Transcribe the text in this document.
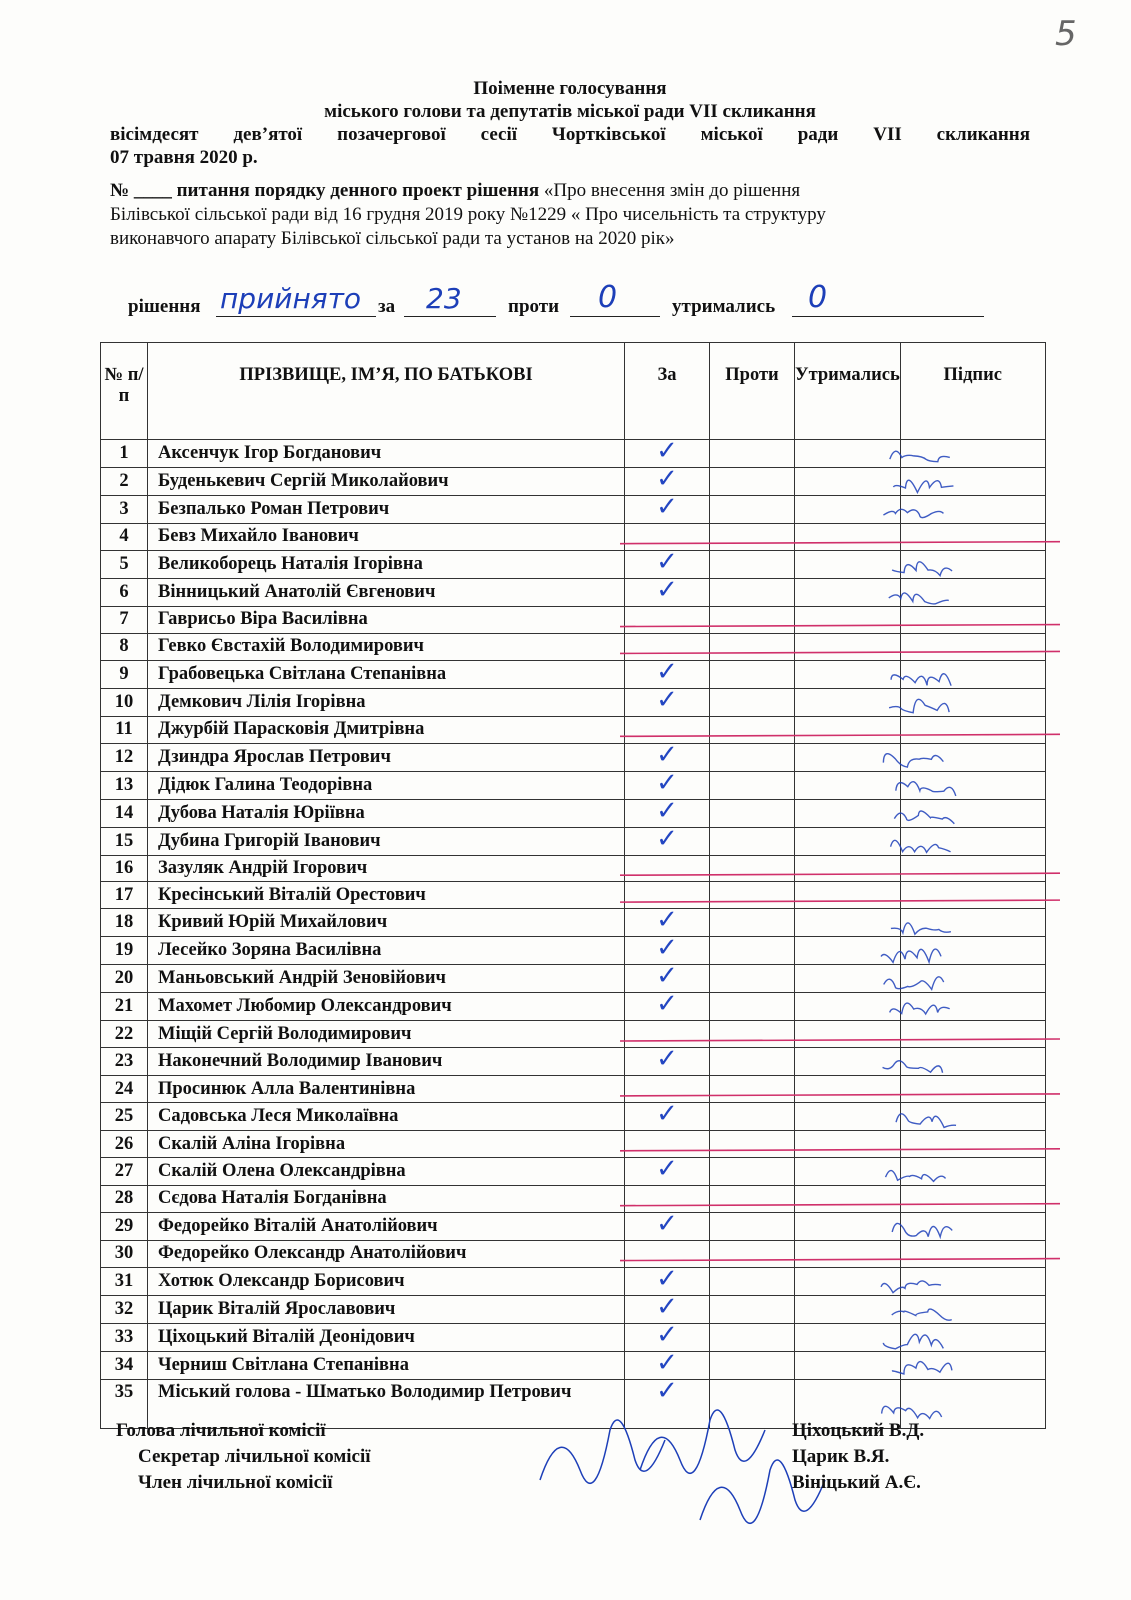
5
Поіменне голосування
міського голови та депутатів міської ради VII скликання
вісімдесят дев’ятої позачергової сесії Чортківської міської ради VII скликання
07 травня 2020 р.
№ ____ питання порядку денного проект рішення «Про внесення змін до рішення
Білівської сільської ради від 16 грудня 2019 року №1229 « Про чисельність та структуру
виконавчого апарату Білівської сільської ради та установ на 2020 рік»
рішення прийнято за 23 проти 0	утримались 0
№ п/п	ПРІЗВИЩЕ, ІМ’Я, ПО БАТЬКОВІ	За	Проти	Утримались	Підпис
1	Аксенчук Ігор Богданович	✓			
2	Буденькевич Сергій Миколайович	✓			
3	Безпалько Роман Петрович	✓			
4	Бевз Михайло Іванович				
5	Великоборець Наталія Ігорівна	✓			
6	Вінницький Анатолій Євгенович	✓			
7	Гаврисьо Віра Василівна				
8	Гевко Євстахій Володимирович				
9	Грабовецька Світлана Степанівна	✓			
10	Демкович Лілія Ігорівна	✓			
11	Джурбій Парасковія Дмитрівна				
12	Дзиндра Ярослав Петрович	✓			
13	Дідюк Галина Теодорівна	✓			
14	Дубова Наталія Юріївна	✓			
15	Дубина Григорій Іванович	✓			
16	Зазуляк Андрій Ігорович				
17	Кресінський Віталій Орестович				
18	Кривий Юрій Михайлович	✓			
19	Лесейко Зоряна Василівна	✓			
20	Маньовський Андрій Зеновійович	✓			
21	Махомет Любомир Олександрович	✓			
22	Міщій Сергій Володимирович				
23	Наконечний Володимир Іванович	✓			
24	Просинюк Алла Валентинівна				
25	Садовська Леся Миколаївна	✓			
26	Скалій Аліна Ігорівна				
27	Скалій Олена Олександрівна	✓			
28	Сєдова Наталія Богданівна				
29	Федорейко Віталій Анатолійович	✓			
30	Федорейко Олександр Анатолійович				
31	Хотюк Олександр Борисович	✓			
32	Царик Віталій Ярославович	✓			
33	Ціхоцький Віталій Деонідович	✓			
34	Черниш Світлана Степанівна	✓			
35	Міський голова - Шматько Володимир Петрович	✓			
Голова лічильної комісії
Секретар лічильної комісії
Член лічильної комісії
Ціхоцький В.Д.
Царик В.Я.
Вініцький А.Є.
